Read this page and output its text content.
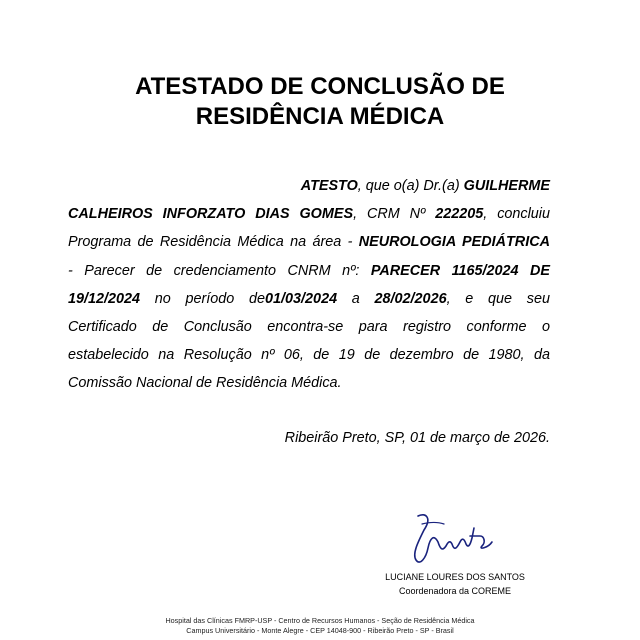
ATESTADO DE CONCLUSÃO DE
RESIDÊNCIA MÉDICA
ATESTO, que o(a) Dr.(a) GUILHERME
CALHEIROS INFORZATO DIAS GOMES, CRM Nº 222205, concluiu
Programa de Residência Médica na área - NEUROLOGIA PEDIÁTRICA
- Parecer de credenciamento CNRM nº: PARECER 1165/2024 DE
19/12/2024 no período de01/03/2024 a 28/02/2026, e que seu
Certificado de Conclusão encontra-se para registro conforme o
estabelecido na Resolução nº 06, de 19 de dezembro de 1980, da
Comissão Nacional de Residência Médica.
Ribeirão Preto, SP, 01 de março de 2026.
LUCIANE LOURES DOS SANTOS
Coordenadora da COREME
Hospital das Clínicas FMRP-USP - Centro de Recursos Humanos - Seção de Residência Médica
Campus Universitário - Monte Alegre - CEP 14048-900 - Ribeirão Preto - SP - Brasil
